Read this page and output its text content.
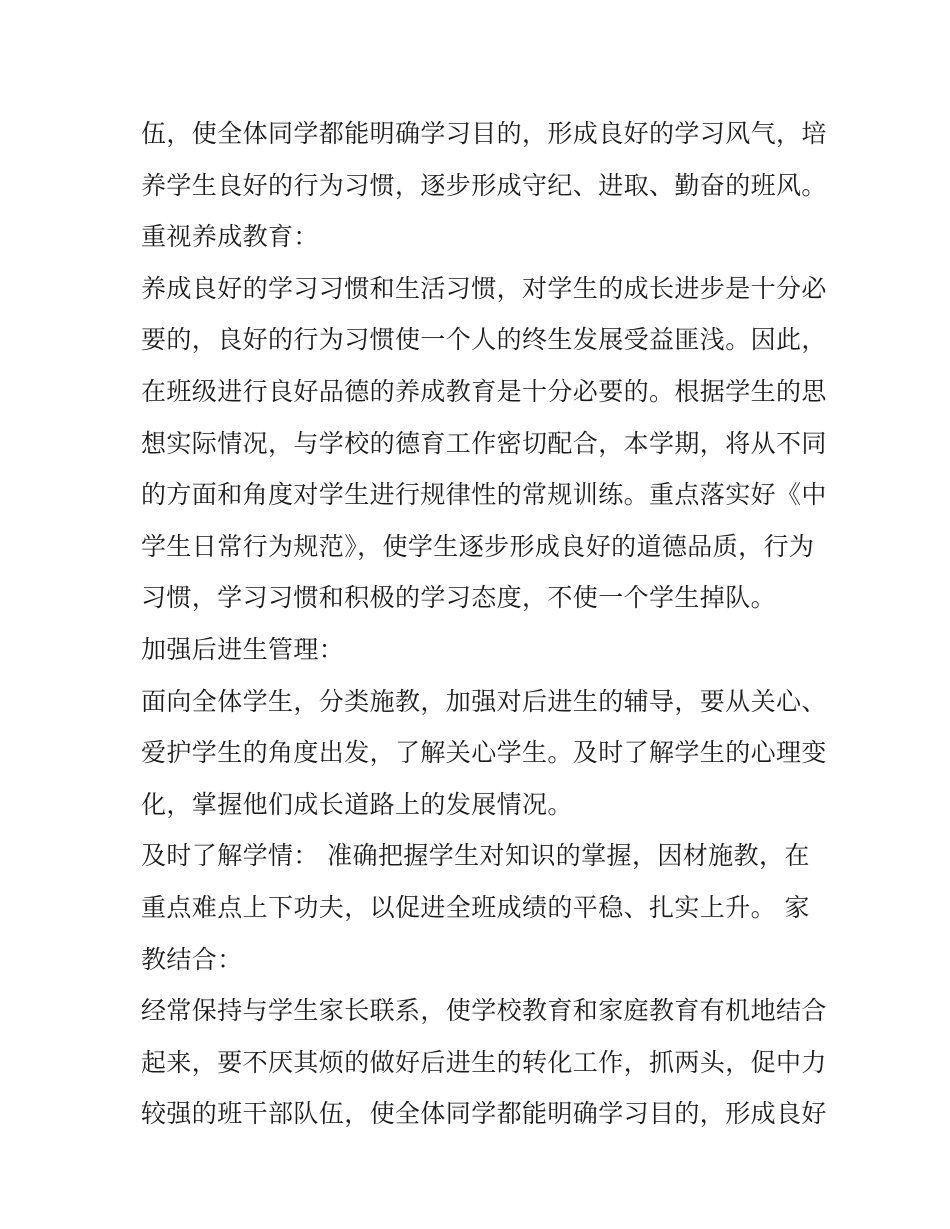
伍，使全体同学都能明确学习目的，形成良好的学习风气，培
养学生良好的行为习惯，逐步形成守纪、进取、勤奋的班风。
重视养成教育：
养成良好的学习习惯和生活习惯，对学生的成长进步是十分必
要的，良好的行为习惯使一个人的终生发展受益匪浅。因此，
在班级进行良好品德的养成教育是十分必要的。根据学生的思
想实际情况，与学校的德育工作密切配合，本学期，将从不同
的方面和角度对学生进行规律性的常规训练。重点落实好《中
学生日常行为规范》，使学生逐步形成良好的道德品质，行为
习惯，学习习惯和积极的学习态度，不使一个学生掉队。
加强后进生管理：
面向全体学生，分类施教，加强对后进生的辅导，要从关心、
爱护学生的角度出发，了解关心学生。及时了解学生的心理变
化，掌握他们成长道路上的发展情况。
及时了解学情： 准确把握学生对知识的掌握，因材施教，在
重点难点上下功夫，以促进全班成绩的平稳、扎实上升。 家
教结合：
经常保持与学生家长联系，使学校教育和家庭教育有机地结合
起来，要不厌其烦的做好后进生的转化工作，抓两头，促中力
较强的班干部队伍，使全体同学都能明确学习目的，形成良好
